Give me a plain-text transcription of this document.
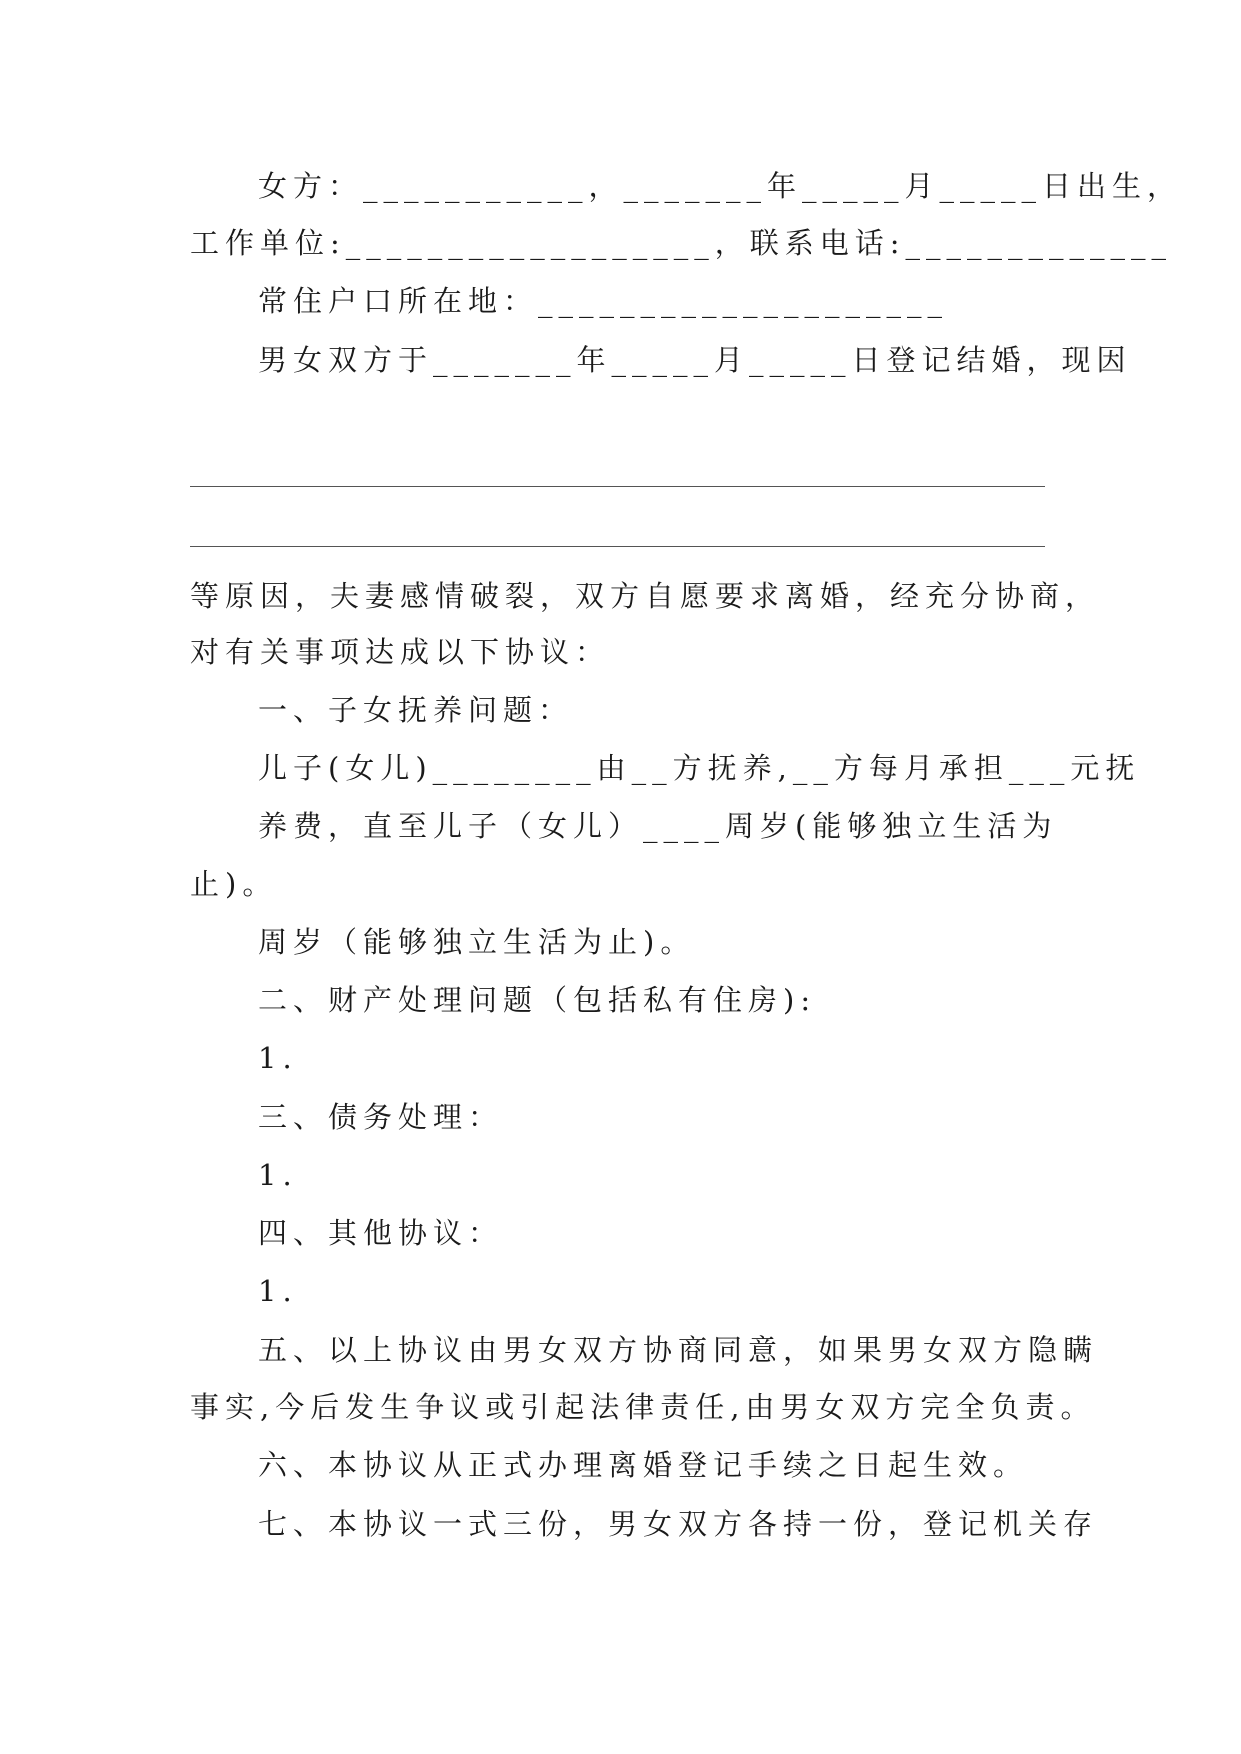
女方：___________，_______年_____月_____日出生，
工作单位:__________________，联系电话:_____________
常住户口所在地：____________________
男女双方于_______年_____月_____日登记结婚，现因
等原因，夫妻感情破裂，双方自愿要求离婚，经充分协商，
对有关事项达成以下协议：
一、子女抚养问题：
儿子(女儿)________由__方抚养,__方每月承担___元抚
养费，直至儿子（女儿）____周岁(能够独立生活为
止)。
周岁（能够独立生活为止)。
二、财产处理问题（包括私有住房):
1.
三、债务处理：
1.
四、其他协议：
1.
五、以上协议由男女双方协商同意，如果男女双方隐瞒
事实,今后发生争议或引起法律责任,由男女双方完全负责。
六、本协议从正式办理离婚登记手续之日起生效。
七、本协议一式三份，男女双方各持一份，登记机关存
